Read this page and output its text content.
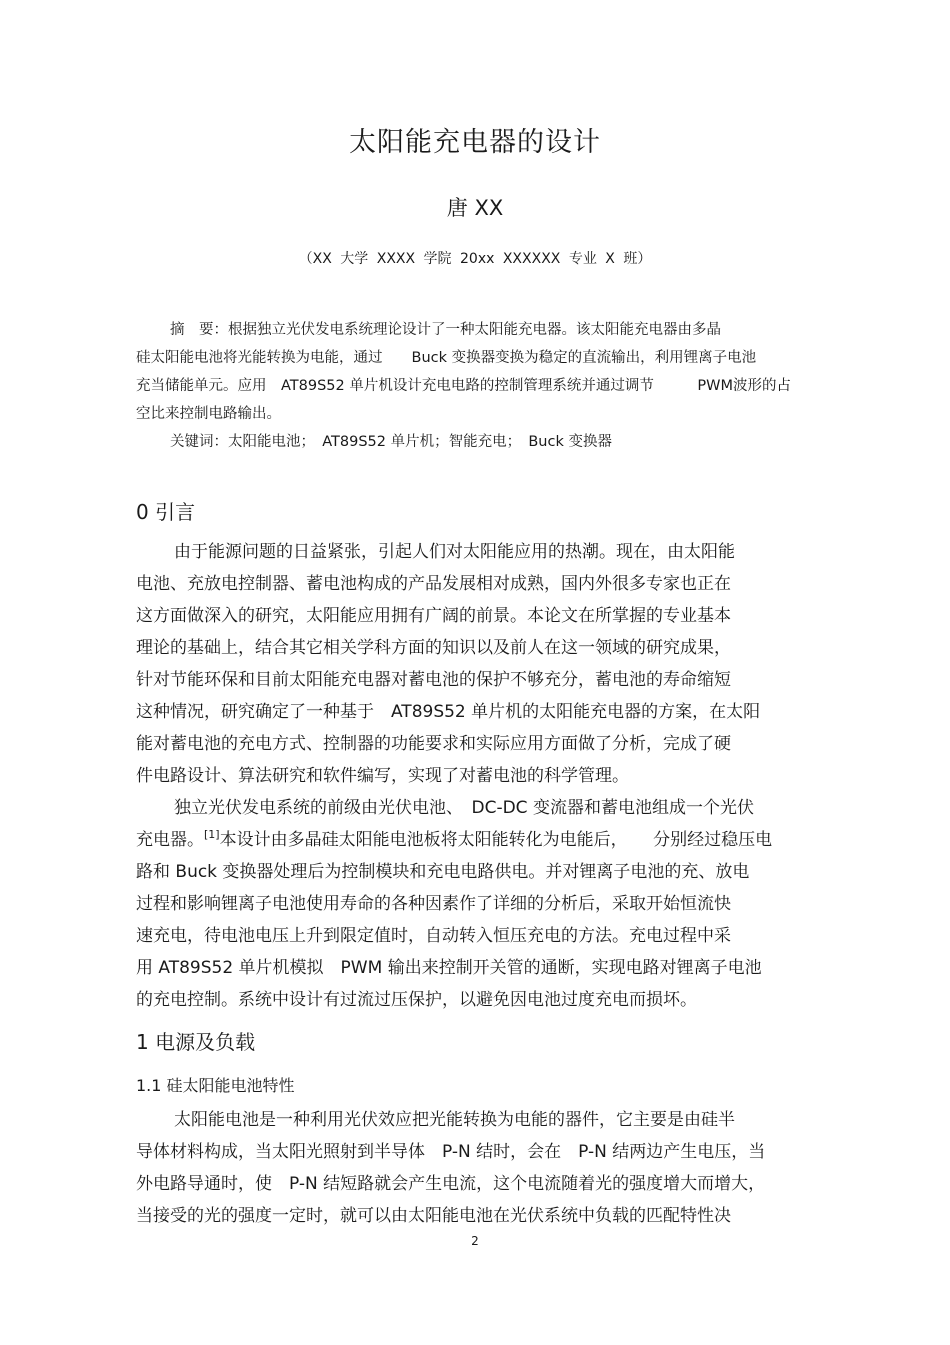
太阳能充电器的设计
唐 XX
（XX 大学 XXXX 学院 20xx XXXXXX 专业 X 班）
摘　要：根据独立光伏发电系统理论设计了一种太阳能充电器。该太阳能充电器由多晶
硅太阳能电池将光能转换为电能，通过　　Buck 变换器变换为稳定的直流输出，利用锂离子电池
充当储能单元。应用　AT89S52 单片机设计充电电路的控制管理系统并通过调节　　　PWM波形的占
空比来控制电路输出。
关键词：太阳能电池；　AT89S52 单片机；智能充电；　Buck 变换器
0 引言
由于能源问题的日益紧张，引起人们对太阳能应用的热潮。现在，由太阳能
电池、充放电控制器、蓄电池构成的产品发展相对成熟，国内外很多专家也正在
这方面做深入的研究，太阳能应用拥有广阔的前景。本论文在所掌握的专业基本
理论的基础上，结合其它相关学科方面的知识以及前人在这一领域的研究成果，
针对节能环保和目前太阳能充电器对蓄电池的保护不够充分，蓄电池的寿命缩短
这种情况，研究确定了一种基于　AT89S52 单片机的太阳能充电器的方案，在太阳
能对蓄电池的充电方式、控制器的功能要求和实际应用方面做了分析，完成了硬
件电路设计、算法研究和软件编写，实现了对蓄电池的科学管理。
独立光伏发电系统的前级由光伏电池、　DC-DC 变流器和蓄电池组成一个光伏
充电器。[1]本设计由多晶硅太阳能电池板将太阳能转化为电能后，　　分别经过稳压电
路和 Buck 变换器处理后为控制模块和充电电路供电。并对锂离子电池的充、放电
过程和影响锂离子电池使用寿命的各种因素作了详细的分析后，采取开始恒流快
速充电，待电池电压上升到限定值时，自动转入恒压充电的方法。充电过程中采
用 AT89S52 单片机模拟　PWM 输出来控制开关管的通断，实现电路对锂离子电池
的充电控制。系统中设计有过流过压保护，以避免因电池过度充电而损坏。
1 电源及负载
1.1 硅太阳能电池特性
太阳能电池是一种利用光伏效应把光能转换为电能的器件，它主要是由硅半
导体材料构成，当太阳光照射到半导体　P-N 结时，会在　P-N 结两边产生电压，当
外电路导通时，使　P-N 结短路就会产生电流，这个电流随着光的强度增大而增大，
当接受的光的强度一定时，就可以由太阳能电池在光伏系统中负载的匹配特性决
2
